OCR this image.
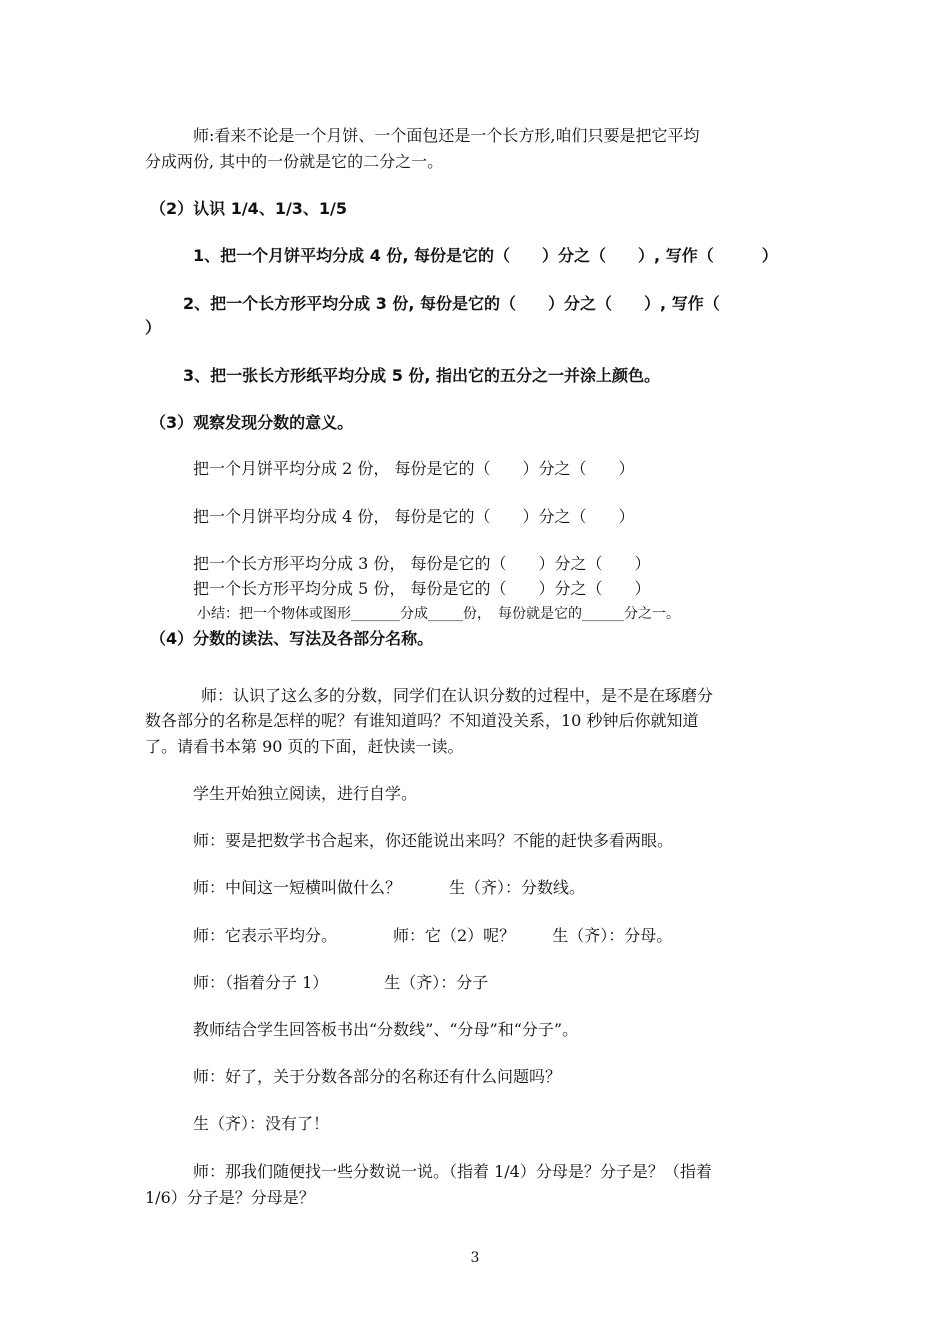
师:看来不论是一个月饼、一个面包还是一个长方形,咱们只要是把它平均
分成两份, 其中的一份就是它的二分之一。
（2）认识 1/4、1/3、1/5
1、把一个月饼平均分成 4 份, 每份是它的（　　）分之（　　）, 写作（　　　）
2、把一个长方形平均分成 3 份, 每份是它的（　　）分之（　　）, 写作（
）
3、把一张长方形纸平均分成 5 份, 指出它的五分之一并涂上颜色。
（3）观察发现分数的意义。
把一个月饼平均分成 2 份， 每份是它的（　　）分之（　　）
把一个月饼平均分成 4 份， 每份是它的（　　）分之（　　）
把一个长方形平均分成 3 份， 每份是它的（　　）分之（　　）
把一个长方形平均分成 5 份， 每份是它的（　　）分之（　　）
小结：把一个物体或图形_______分成_____份，　每份就是它的______分之一。
（4）分数的读法、写法及各部分名称。
师：认识了这么多的分数，同学们在认识分数的过程中，是不是在琢磨分
数各部分的名称是怎样的呢？有谁知道吗？不知道没关系，10 秒钟后你就知道
了。请看书本第 90 页的下面，赶快读一读。
学生开始独立阅读，进行自学。
师：要是把数学书合起来，你还能说出来吗？不能的赶快多看两眼。
师：中间这一短横叫做什么？　　　生（齐）：分数线。
师：它表示平均分。　　　　师：它（2）呢？　　 生（齐）：分母。
师：（指着分子 1）　　　　生（齐）：分子
教师结合学生回答板书出“分数线”、“分母”和“分子”。
师：好了，关于分数各部分的名称还有什么问题吗？
生（齐）：没有了！
师：那我们随便找一些分数说一说。（指着 1/4）分母是？分子是？（指着
1/6）分子是？分母是？
3
